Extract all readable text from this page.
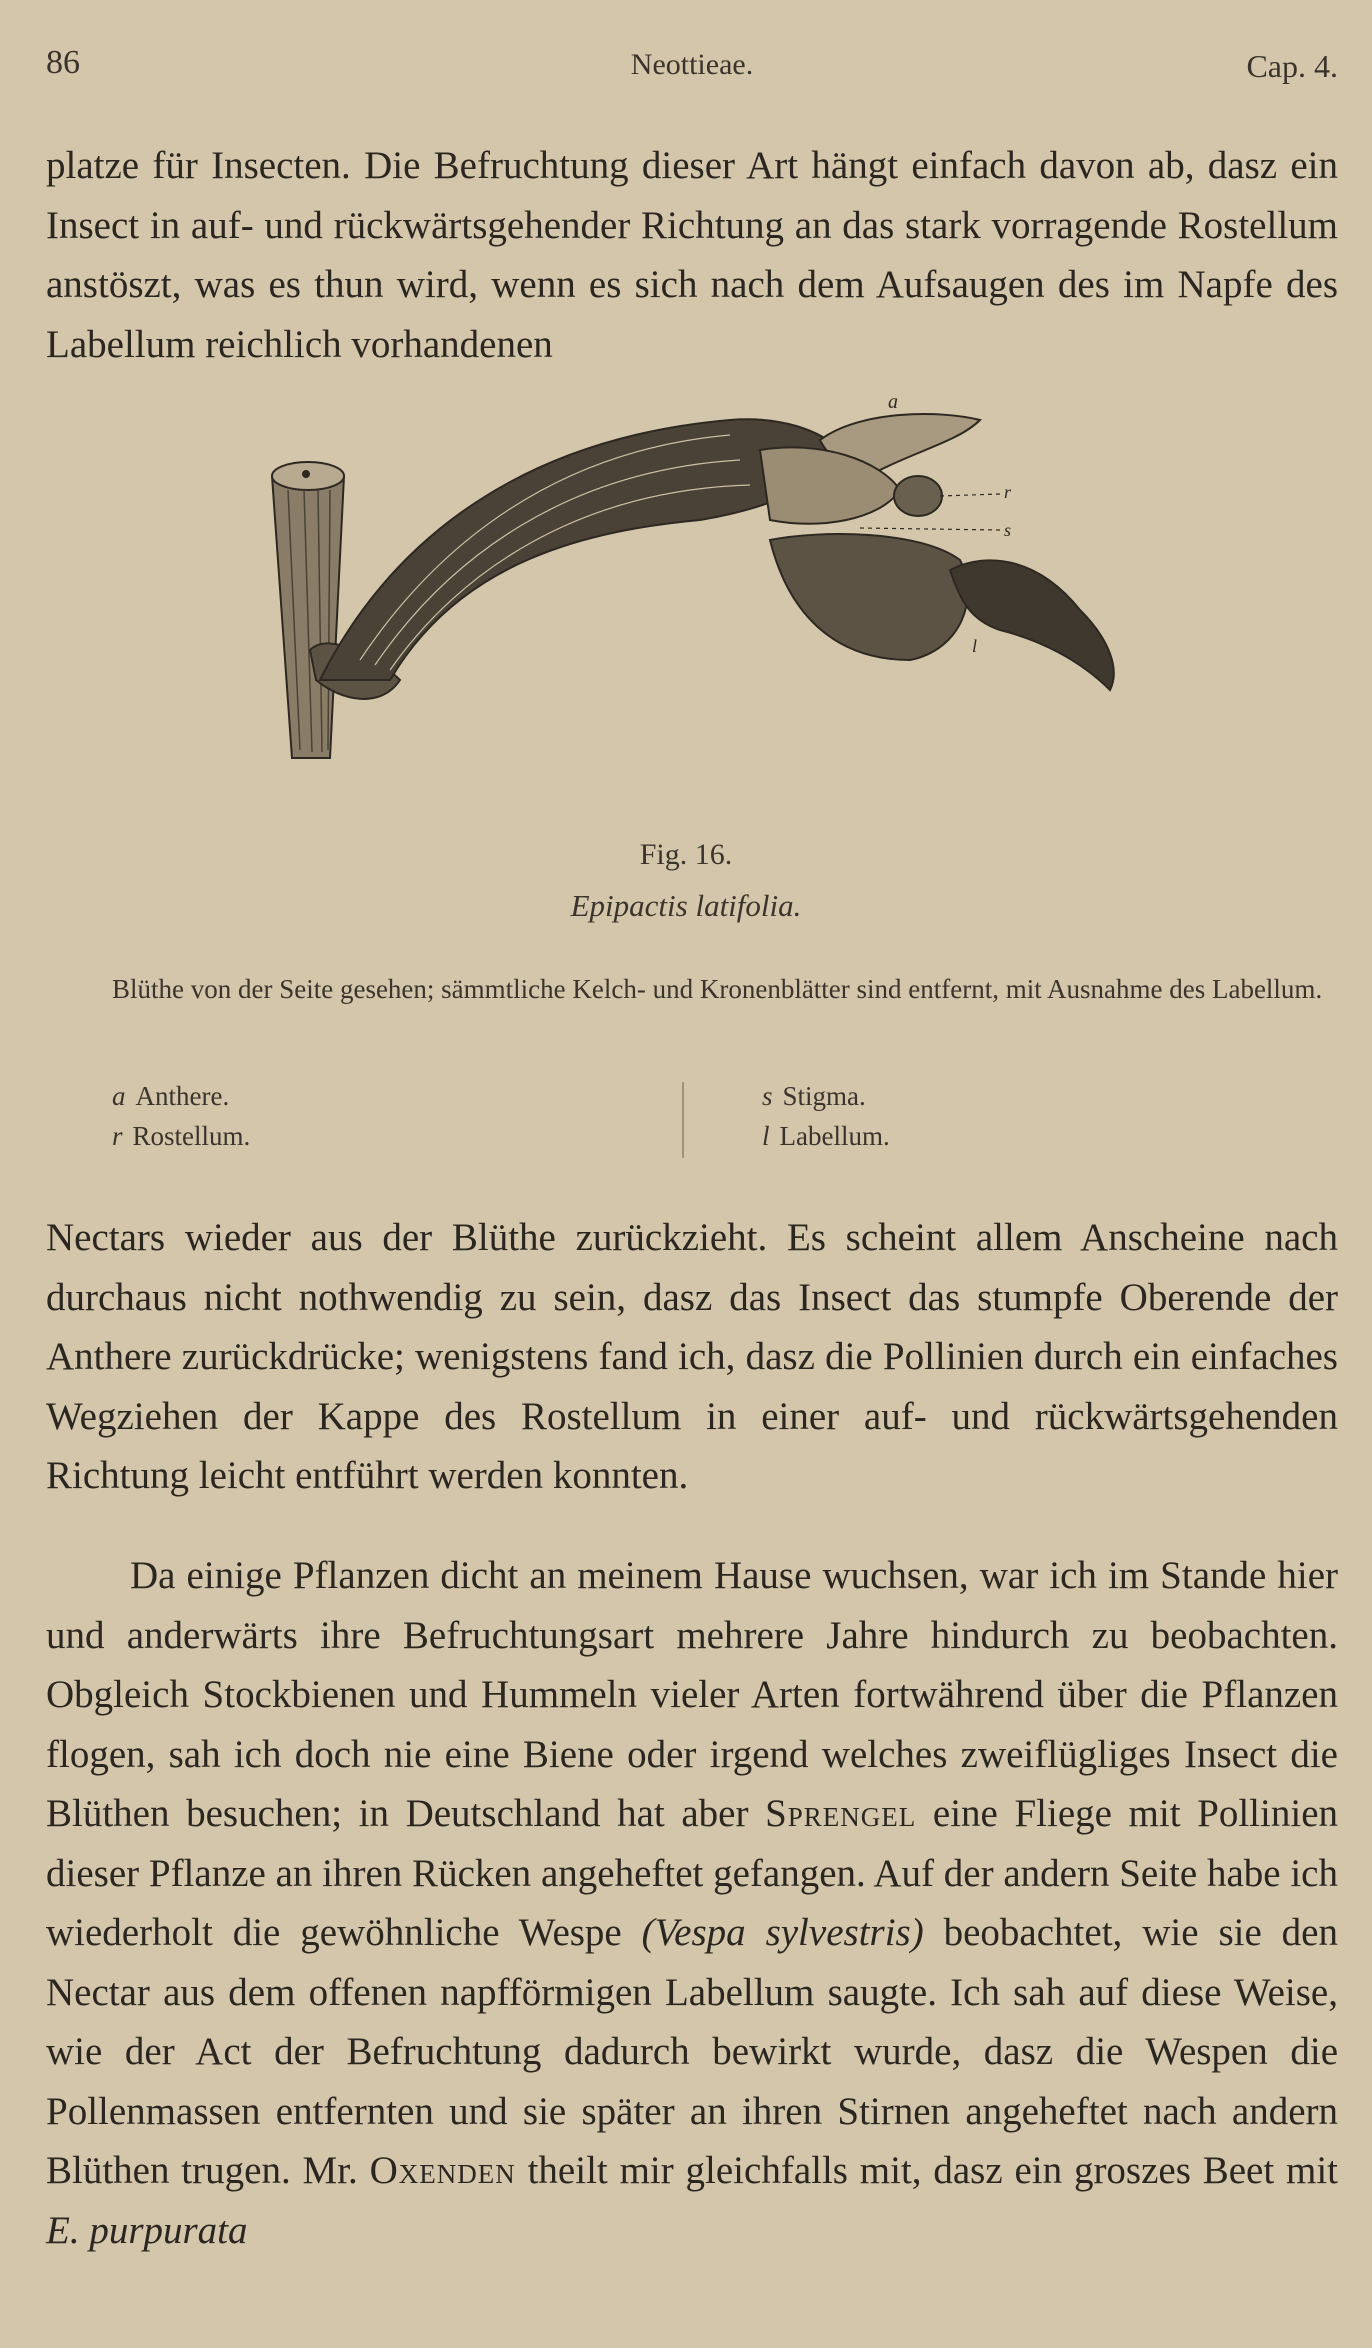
86	Neottieae.	Cap. 4.
platze für Insecten. Die Befruchtung dieser Art hängt einfach davon ab, dasz ein Insect in auf- und rückwärtsgehender Richtung an das stark vorragende Rostellum anstöszt, was es thun wird, wenn es sich nach dem Aufsaugen des im Napfe des Labellum reichlich vorhandenen
a
r
s
l
Fig. 16.
Epipactis latifolia.
Blüthe von der Seite gesehen; sämmtliche Kelch- und Kronenblätter sind entfernt, mit Ausnahme des Labellum.
a Anthere.
r Rostellum.
s Stigma.
l Labellum.
Nectars wieder aus der Blüthe zurückzieht. Es scheint allem Anscheine nach durchaus nicht nothwendig zu sein, dasz das Insect das stumpfe Oberende der Anthere zurückdrücke; wenigstens fand ich, dasz die Pollinien durch ein einfaches Wegziehen der Kappe des Rostellum in einer auf- und rückwärtsgehenden Richtung leicht entführt werden konnten.
Da einige Pflanzen dicht an meinem Hause wuchsen, war ich im Stande hier und anderwärts ihre Befruchtungsart mehrere Jahre hindurch zu beobachten. Obgleich Stockbienen und Hummeln vieler Arten fortwährend über die Pflanzen flogen, sah ich doch nie eine Biene oder irgend welches zweiflügliges Insect die Blüthen besuchen; in Deutschland hat aber Sprengel eine Fliege mit Pollinien dieser Pflanze an ihren Rücken angeheftet gefangen. Auf der andern Seite habe ich wiederholt die gewöhnliche Wespe (Vespa sylvestris) beobachtet, wie sie den Nectar aus dem offenen napfförmigen Labellum saugte. Ich sah auf diese Weise, wie der Act der Befruchtung dadurch bewirkt wurde, dasz die Wespen die Pollenmassen entfernten und sie später an ihren Stirnen angeheftet nach andern Blüthen trugen. Mr. Oxenden theilt mir gleichfalls mit, dasz ein groszes Beet mit E. purpurata
